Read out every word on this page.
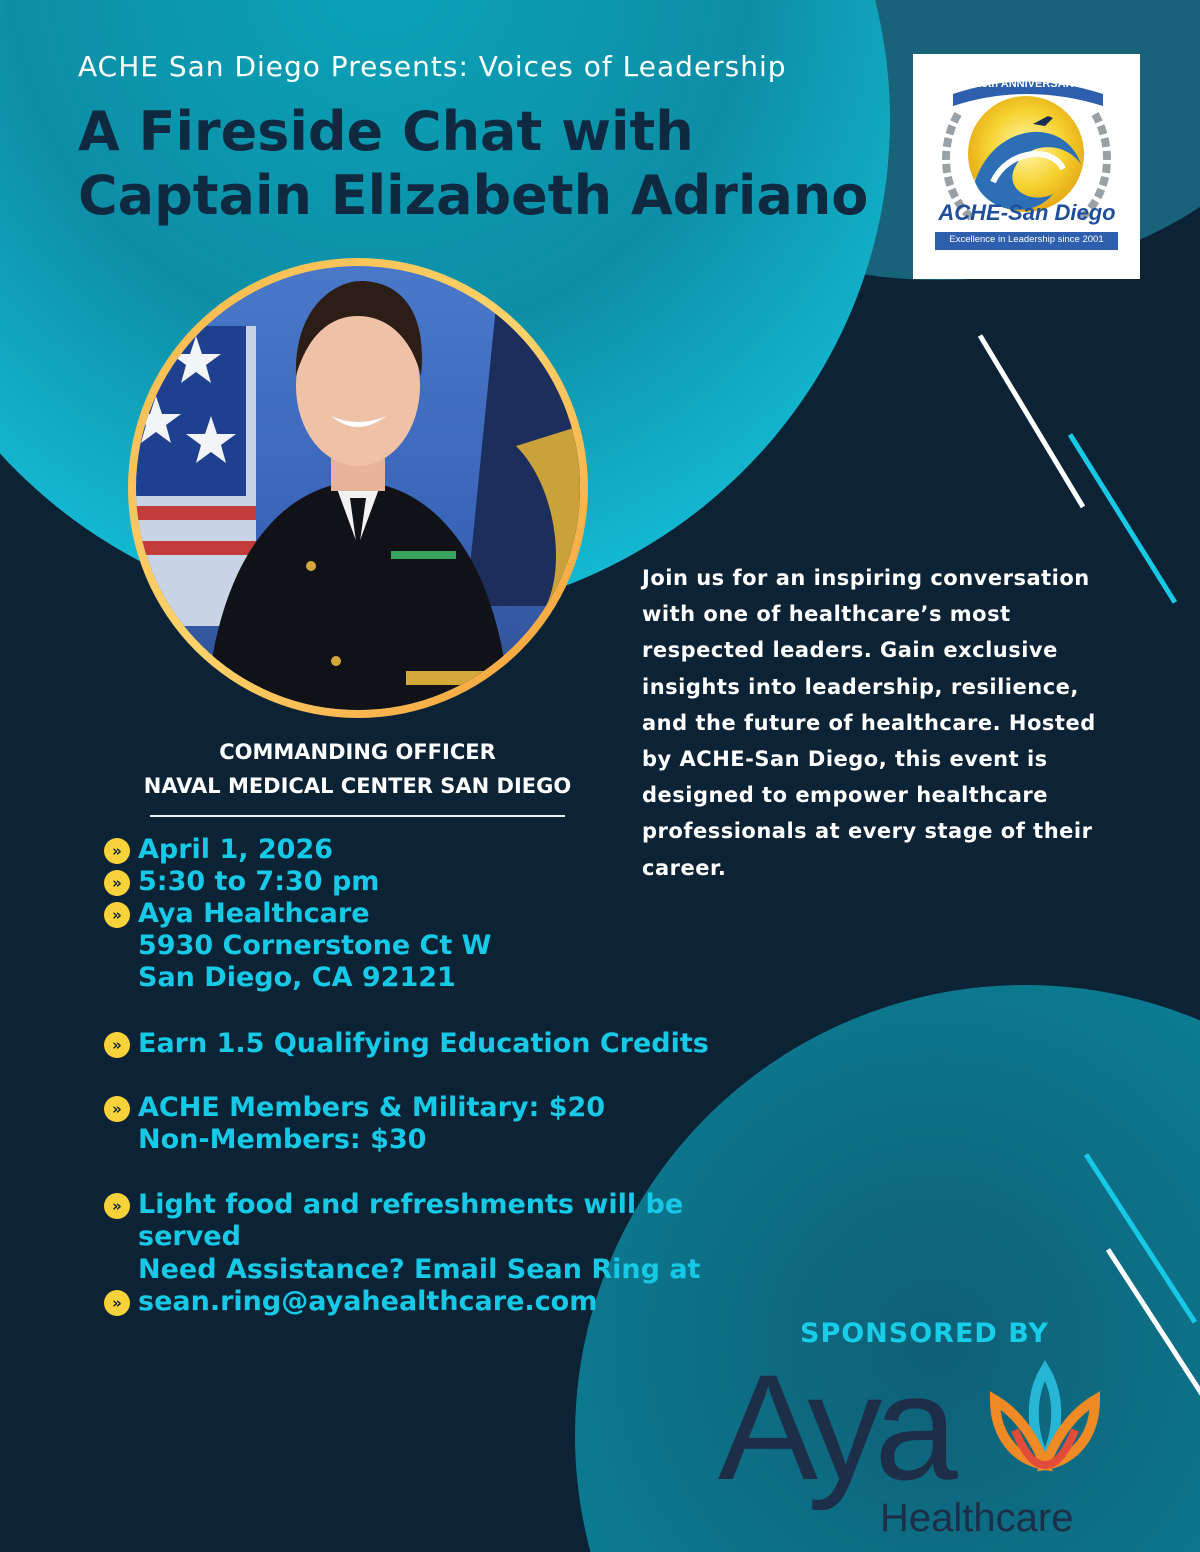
ACHE San Diego Presents: Voices of Leadership
A Fireside Chat with
Captain Elizabeth Adriano
25th ANNIVERSARY
ACHE-San Diego
Excellence in Leadership since 2001
COMMANDING OFFICER
NAVAL MEDICAL CENTER SAN DIEGO
» April 1, 2026
» 5:30 to 7:30 pm
» Aya Healthcare
5930 Cornerstone Ct W
San Diego, CA 92121
» Earn 1.5 Qualifying Education Credits
» ACHE Members & Military: $20
Non-Members: $30
» Light food and refreshments will be served
Need Assistance? Email Sean Ring at
» sean.ring@ayahealthcare.com
Join us for an inspiring conversation
with one of healthcare’s most
respected leaders. Gain exclusive
insights into leadership, resilience,
and the future of healthcare. Hosted
by ACHE-San Diego, this event is
designed to empower healthcare
professionals at every stage of their
career.
SPONSORED BY
Aya
Healthcare
